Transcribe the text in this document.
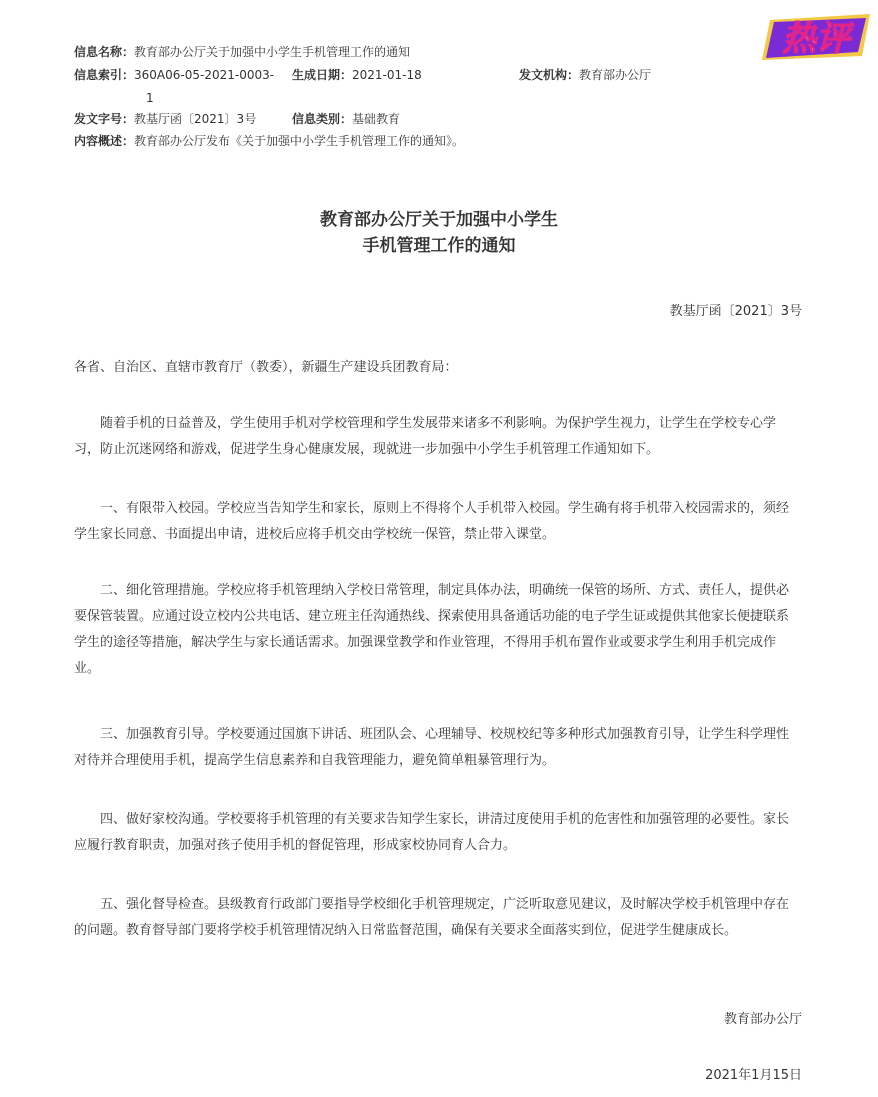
信息名称：教育部办公厅关于加强中小学生手机管理工作的通知
信息索引：360A06-05-2021-0003-
1
生成日期：2021-01-18	发文机构：教育部办公厅
发文字号：教基厅函〔2021〕3号	信息类别：基础教育
内容概述：教育部办公厅发布《关于加强中小学生手机管理工作的通知》。
热评
教育部办公厅关于加强中小学生
手机管理工作的通知
教基厅函〔2021〕3号
各省、自治区、直辖市教育厅（教委），新疆生产建设兵团教育局：
随着手机的日益普及，学生使用手机对学校管理和学生发展带来诸多不利影响。为保护学生视力，让学生在学校专心学习，防止沉迷网络和游戏，促进学生身心健康发展，现就进一步加强中小学生手机管理工作通知如下。
一、有限带入校园。学校应当告知学生和家长，原则上不得将个人手机带入校园。学生确有将手机带入校园需求的，须经学生家长同意、书面提出申请，进校后应将手机交由学校统一保管，禁止带入课堂。
二、细化管理措施。学校应将手机管理纳入学校日常管理，制定具体办法，明确统一保管的场所、方式、责任人，提供必要保管装置。应通过设立校内公共电话、建立班主任沟通热线、探索使用具备通话功能的电子学生证或提供其他家长便捷联系学生的途径等措施，解决学生与家长通话需求。加强课堂教学和作业管理，不得用手机布置作业或要求学生利用手机完成作业。
三、加强教育引导。学校要通过国旗下讲话、班团队会、心理辅导、校规校纪等多种形式加强教育引导，让学生科学理性对待并合理使用手机，提高学生信息素养和自我管理能力，避免简单粗暴管理行为。
四、做好家校沟通。学校要将手机管理的有关要求告知学生家长，讲清过度使用手机的危害性和加强管理的必要性。家长应履行教育职责，加强对孩子使用手机的督促管理，形成家校协同育人合力。
五、强化督导检查。县级教育行政部门要指导学校细化手机管理规定，广泛听取意见建议，及时解决学校手机管理中存在的问题。教育督导部门要将学校手机管理情况纳入日常监督范围，确保有关要求全面落实到位，促进学生健康成长。
教育部办公厅
2021年1月15日
